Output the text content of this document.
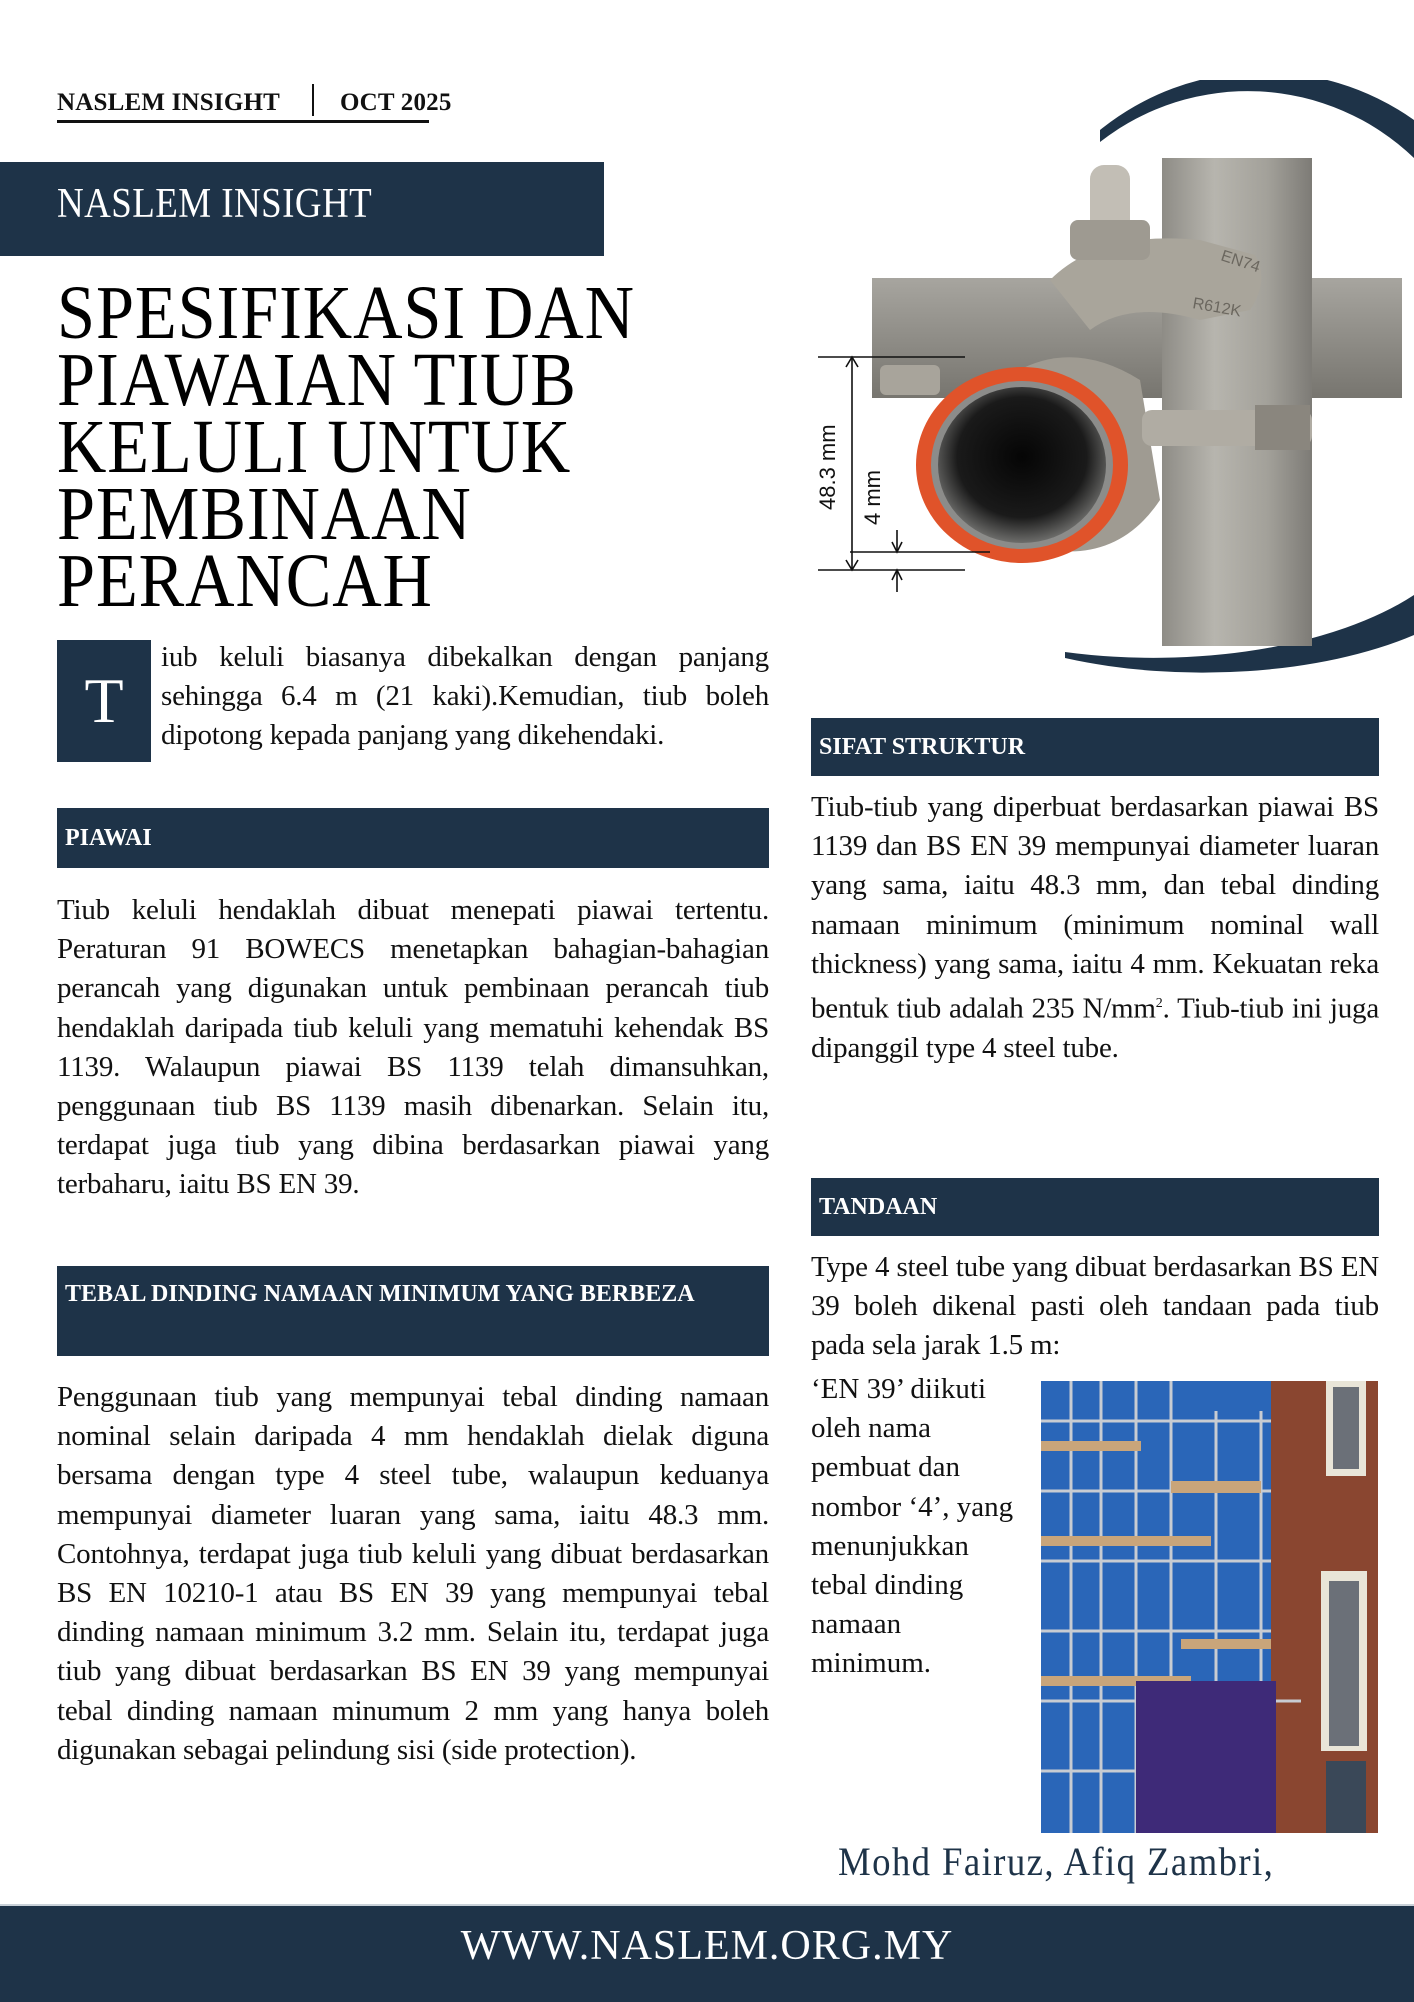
NASLEM INSIGHT OCT 2025
NASLEM INSIGHT
SPESIFIKASI DAN
PIAWAIAN TIUB
KELULI UNTUK
PEMBINAAN
PERANCAH
T
iub keluli biasanya dibekalkan dengan panjang sehingga 6.4 m (21 kaki).Kemudian, tiub boleh dipotong kepada panjang yang dikehendaki.
PIAWAI
Tiub keluli hendaklah dibuat menepati piawai tertentu. Peraturan 91 BOWECS menetapkan bahagian-bahagian perancah yang digunakan untuk pembinaan perancah tiub hendaklah daripada tiub keluli yang mematuhi kehendak BS 1139. Walaupun piawai BS 1139 telah dimansuhkan, penggunaan tiub BS 1139 masih dibenarkan. Selain itu, terdapat juga tiub yang dibina berdasarkan piawai yang terbaharu, iaitu BS EN 39.
TEBAL DINDING NAMAAN MINIMUM YANG BERBEZA
Penggunaan tiub yang mempunyai tebal dinding namaan nominal selain daripada 4 mm hendaklah dielak diguna bersama dengan type 4 steel tube, walaupun keduanya mempunyai diameter luaran yang sama, iaitu 48.3 mm. Contohnya, terdapat juga tiub keluli yang dibuat berdasarkan BS EN 10210-1 atau BS EN 39 yang mempunyai tebal dinding namaan minimum 3.2 mm. Selain itu, terdapat juga tiub yang dibuat berdasarkan BS EN 39 yang mempunyai tebal dinding namaan minumum 2 mm yang hanya boleh digunakan sebagai pelindung sisi (side protection).
EN74
R612K
48.3 mm 4 mm
SIFAT STRUKTUR
Tiub-tiub yang diperbuat berdasarkan piawai BS 1139 dan BS EN 39 mempunyai diameter luaran yang sama, iaitu 48.3 mm, dan tebal dinding namaan minimum (minimum nominal wall thickness) yang sama, iaitu 4 mm. Kekuatan reka bentuk tiub adalah 235 $N/mm^2$. Tiub-tiub ini juga dipanggil type 4 steel tube.
TANDAAN
Type 4 steel tube yang dibuat berdasarkan BS EN 39 boleh dikenal pasti oleh tandaan pada tiub pada sela jarak 1.5 m:
‘EN 39’ diikuti oleh nama pembuat dan nombor ‘4’, yang menunjukkan tebal dinding namaan minimum.
Mohd Fairuz, Afiq Zambri,
WWW.NASLEM.ORG.MY
